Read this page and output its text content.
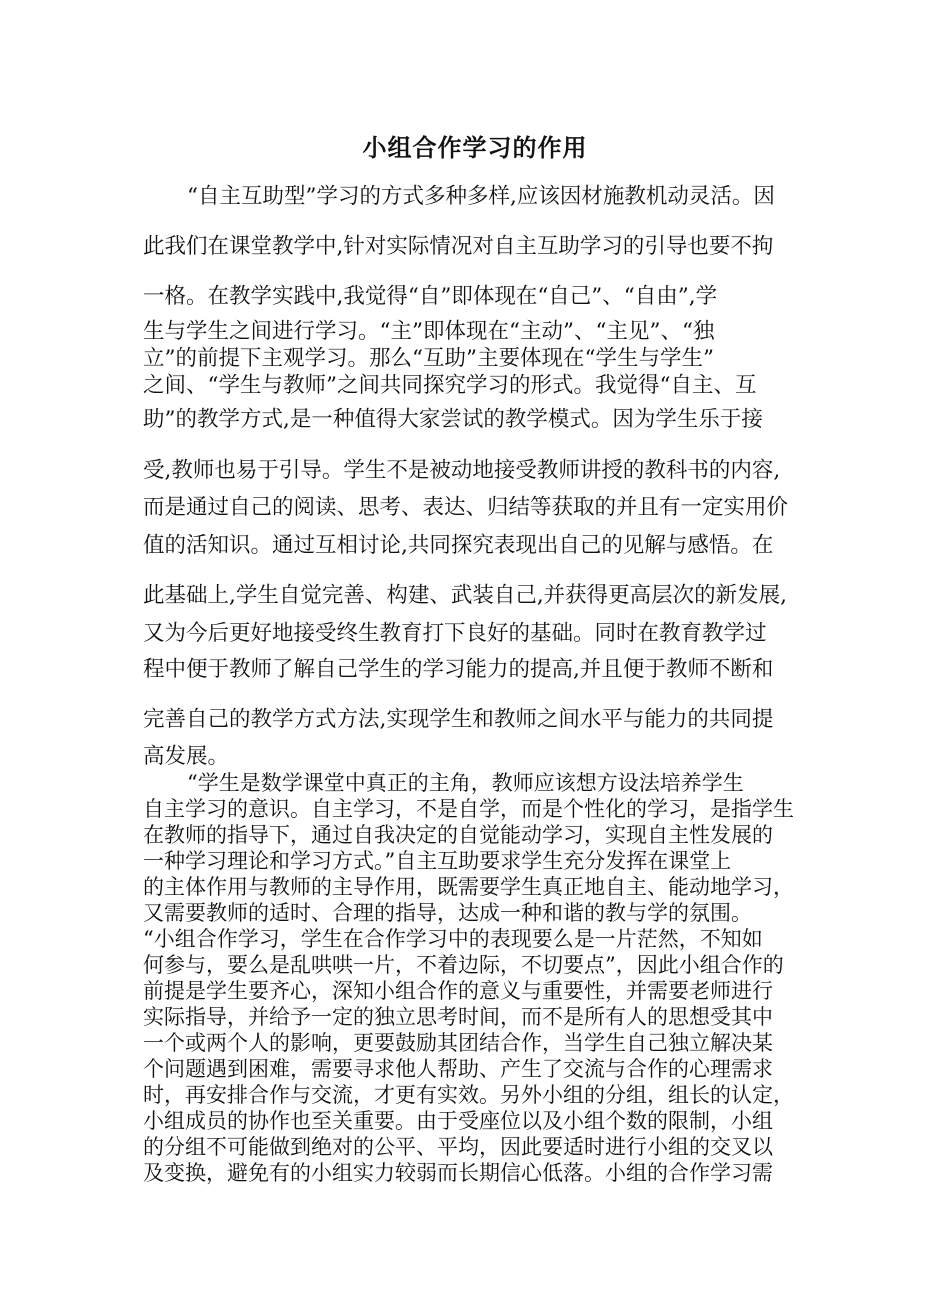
小组合作学习的作用
“自主互助型”学习的方式多种多样,应该因材施教机动灵活。因
此我们在课堂教学中,针对实际情况对自主互助学习的引导也要不拘
一格。在教学实践中,我觉得“自”即体现在“自己”、“自由”,学
生与学生之间进行学习。“主”即体现在“主动”、“主见”、“独
立”的前提下主观学习。那么“互助”主要体现在“学生与学生”
之间、“学生与教师”之间共同探究学习的形式。我觉得“自主、互
助”的教学方式,是一种值得大家尝试的教学模式。因为学生乐于接
受,教师也易于引导。学生不是被动地接受教师讲授的教科书的内容,
而是通过自己的阅读、思考、表达、归结等获取的并且有一定实用价
值的活知识。通过互相讨论,共同探究表现出自己的见解与感悟。在
此基础上,学生自觉完善、构建、武装自己,并获得更高层次的新发展,
又为今后更好地接受终生教育打下良好的基础。同时在教育教学过
程中便于教师了解自己学生的学习能力的提高,并且便于教师不断和
完善自己的教学方式方法,实现学生和教师之间水平与能力的共同提
高发展。
“学生是数学课堂中真正的主角，教师应该想方设法培养学生
自主学习的意识。自主学习，不是自学，而是个性化的学习，是指学生
在教师的指导下，通过自我决定的自觉能动学习，实现自主性发展的
一种学习理论和学习方式。”自主互助要求学生充分发挥在课堂上
的主体作用与教师的主导作用，既需要学生真正地自主、能动地学习，
又需要教师的适时、合理的指导，达成一种和谐的教与学的氛围。
“小组合作学习，学生在合作学习中的表现要么是一片茫然，不知如
何参与，要么是乱哄哄一片，不着边际，不切要点”，因此小组合作的
前提是学生要齐心，深知小组合作的意义与重要性，并需要老师进行
实际指导，并给予一定的独立思考时间，而不是所有人的思想受其中
一个或两个人的影响，更要鼓励其团结合作，当学生自己独立解决某
个问题遇到困难，需要寻求他人帮助、产生了交流与合作的心理需求
时，再安排合作与交流，才更有实效。另外小组的分组，组长的认定，
小组成员的协作也至关重要。由于受座位以及小组个数的限制，小组
的分组不可能做到绝对的公平、平均，因此要适时进行小组的交叉以
及变换，避免有的小组实力较弱而长期信心低落。小组的合作学习需
